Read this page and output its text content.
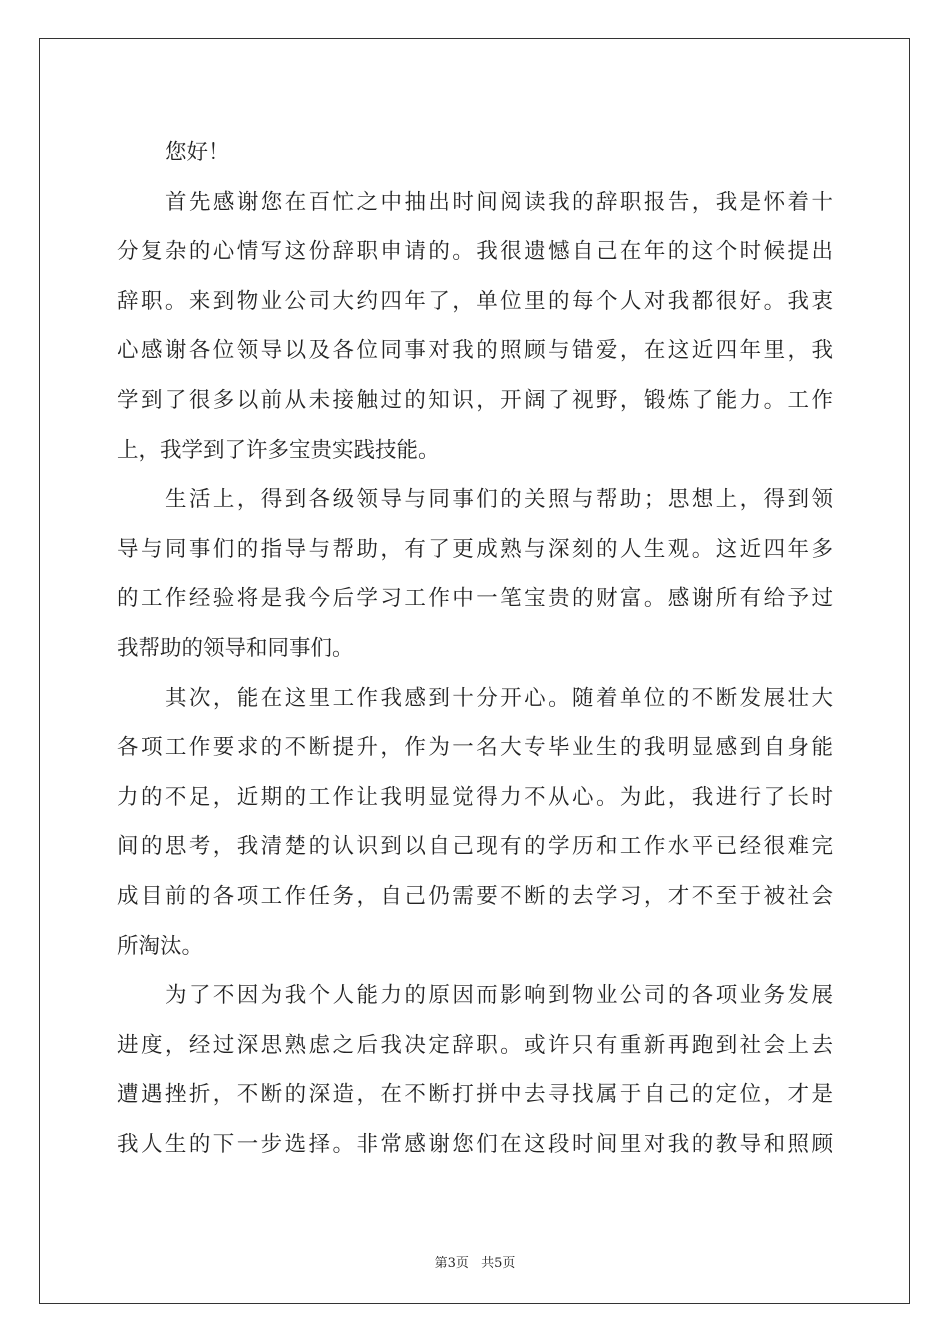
您好！
首先感谢您在百忙之中抽出时间阅读我的辞职报告，我是怀着十
分复杂的心情写这份辞职申请的。我很遗憾自己在年的这个时候提出
辞职。来到物业公司大约四年了，单位里的每个人对我都很好。我衷
心感谢各位领导以及各位同事对我的照顾与错爱，在这近四年里，我
学到了很多以前从未接触过的知识，开阔了视野，锻炼了能力。工作
上，我学到了许多宝贵实践技能。
生活上，得到各级领导与同事们的关照与帮助；思想上，得到领
导与同事们的指导与帮助，有了更成熟与深刻的人生观。这近四年多
的工作经验将是我今后学习工作中一笔宝贵的财富。感谢所有给予过
我帮助的领导和同事们。
其次，能在这里工作我感到十分开心。随着单位的不断发展壮大
各项工作要求的不断提升，作为一名大专毕业生的我明显感到自身能
力的不足，近期的工作让我明显觉得力不从心。为此，我进行了长时
间的思考，我清楚的认识到以自己现有的学历和工作水平已经很难完
成目前的各项工作任务，自己仍需要不断的去学习，才不至于被社会
所淘汰。
为了不因为我个人能力的原因而影响到物业公司的各项业务发展
进度，经过深思熟虑之后我决定辞职。或许只有重新再跑到社会上去
遭遇挫折，不断的深造，在不断打拼中去寻找属于自己的定位，才是
我人生的下一步选择。非常感谢您们在这段时间里对我的教导和照顾
第3页 共5页
